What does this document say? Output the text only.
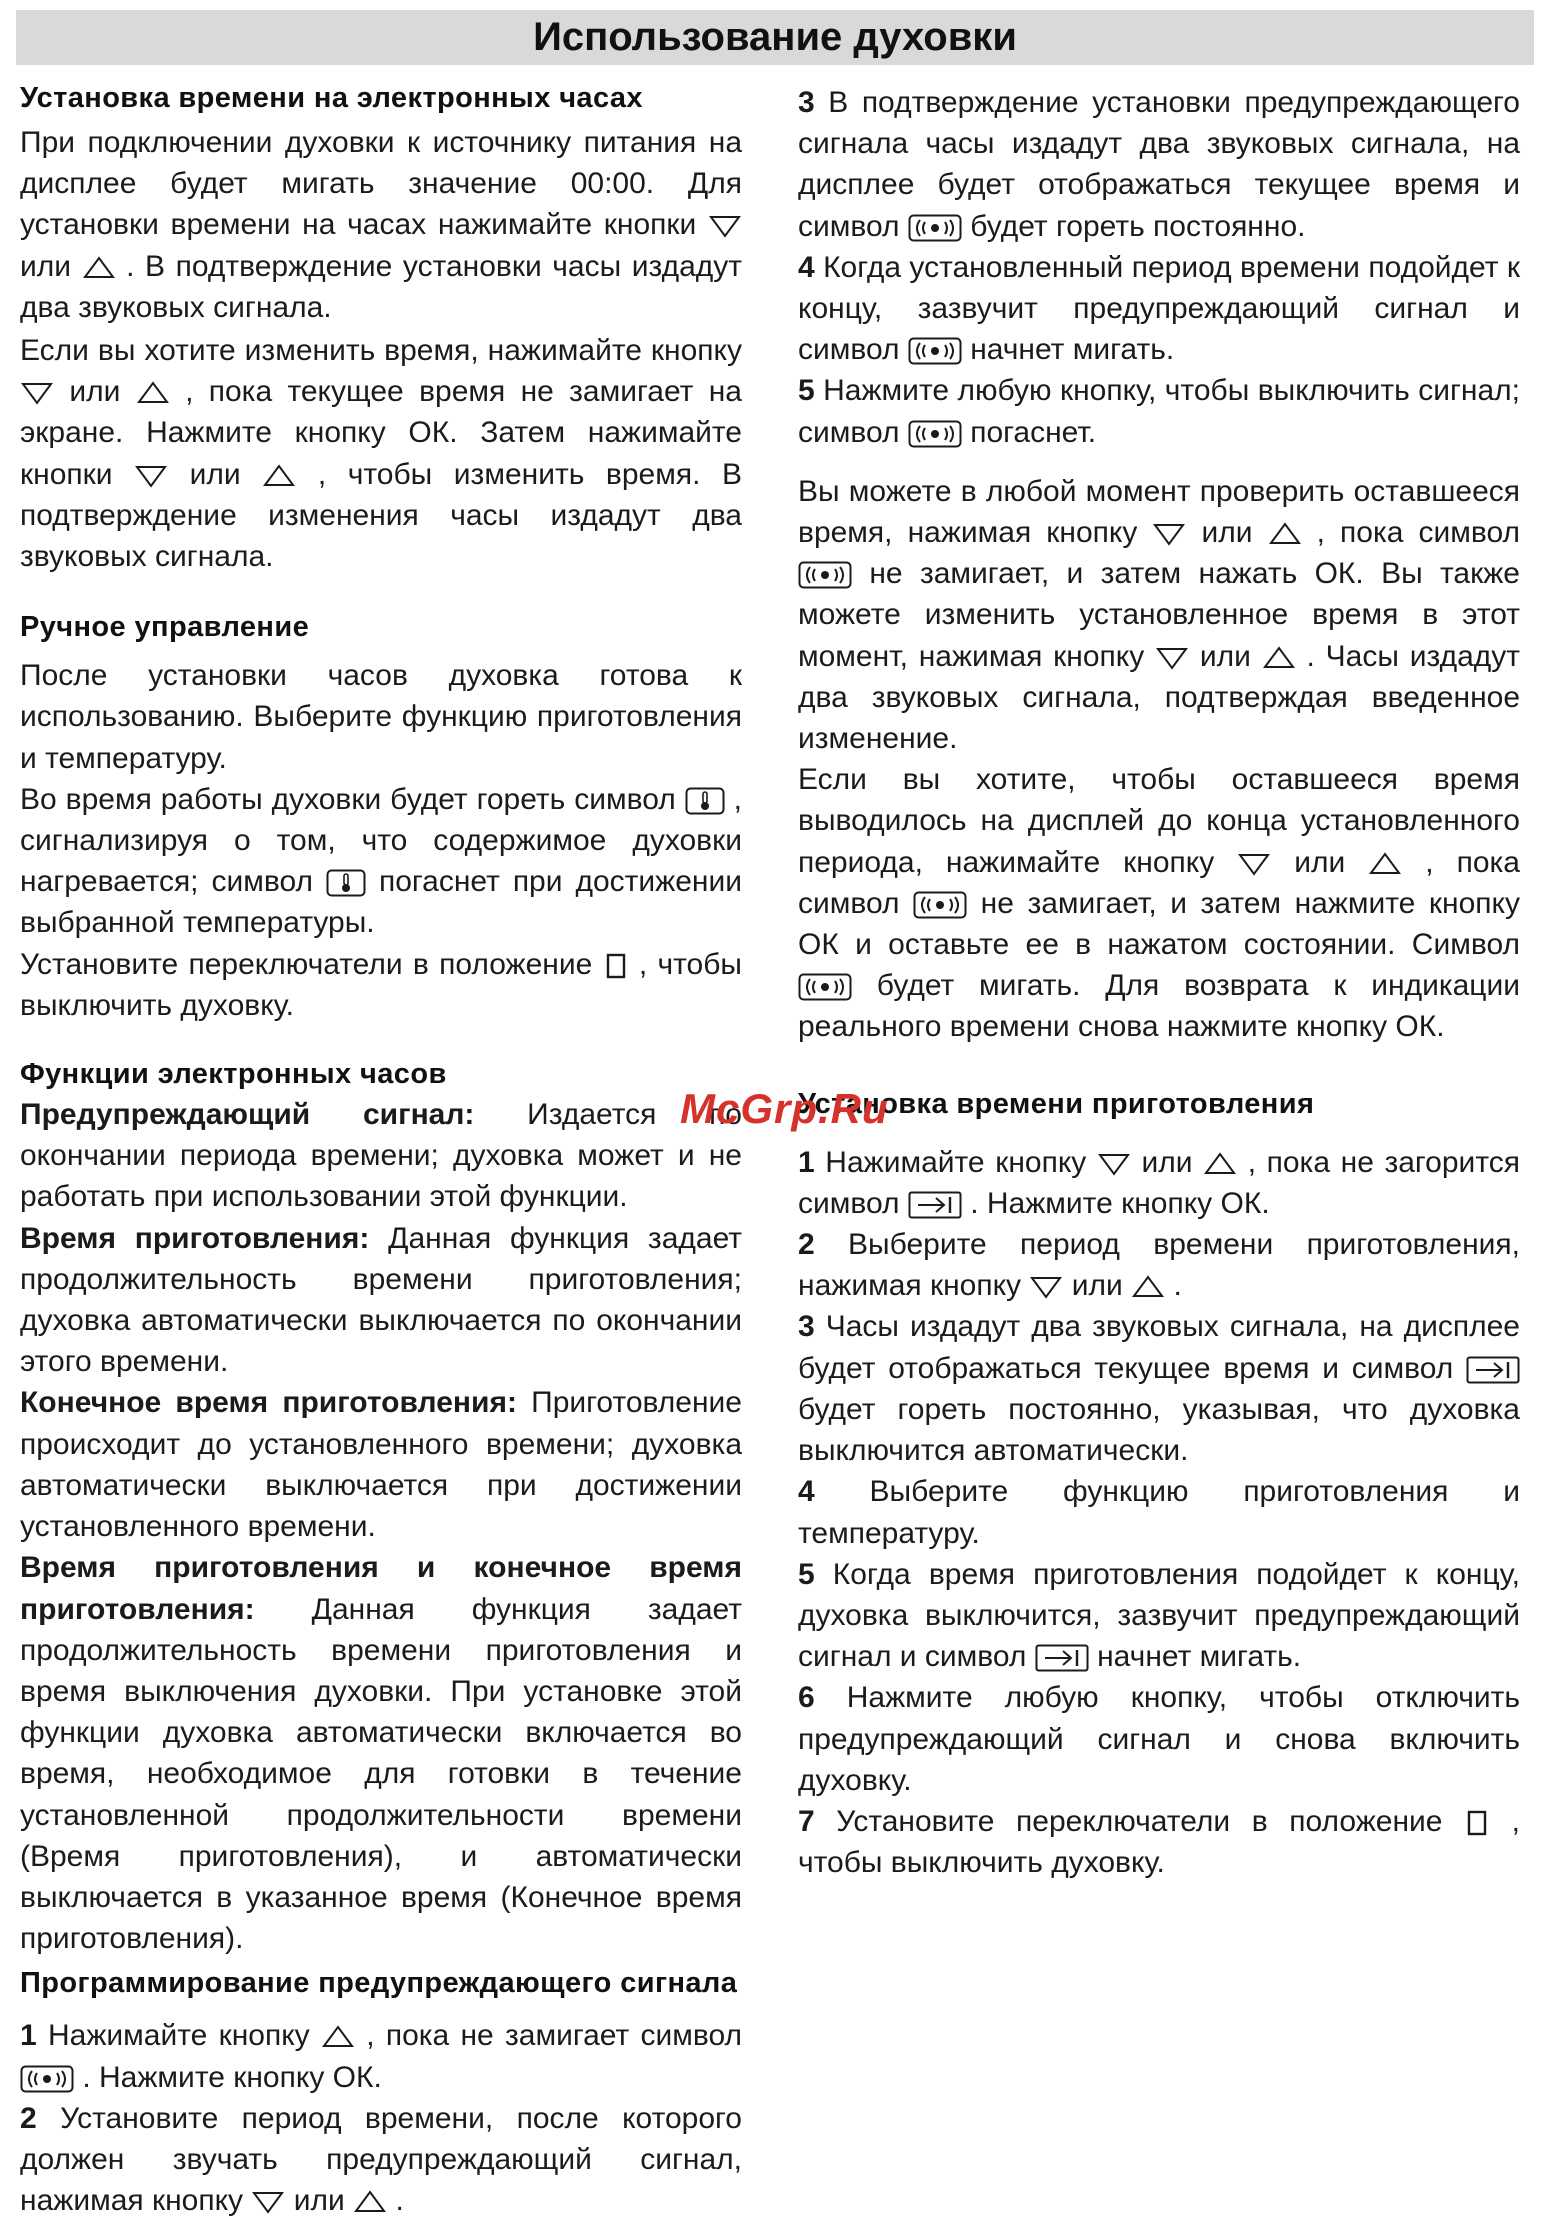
Использование духовки
Установка времени на электронных часах

При подключении духовки к источнику питания на дисплее будет мигать значение 00:00. Для установки времени на часах нажимайте кнопки
или . В подтверждение установки часы издадут два звуковых сигнала.

Если вы хотите изменить время, нажимайте кнопку
или , пока текущее время не замигает на экране. Нажмите кнопку ОК. Затем нажимайте кнопки	или	, чтобы изменить время. В подтверждение изменения часы издадут два звуковых сигнала.

Ручное управление

После установки часов духовка готова к использованию. Выберите функцию приготовления и температуру.

Во время работы духовки будет гореть символ , сигнализируя о том, что содержимое духовки нагревается; символ погаснет при достижении выбранной температуры.

Установите переключатели в положение , чтобы выключить духовку.

Функции электронных часов

Предупреждающий сигнал: Издается по окончании периода времени; духовка может и не работать при использовании этой функции.

Время приготовления: Данная функция задает продолжительность времени приготовления; духовка автоматически выключается по окончании этого времени.

Конечное время приготовления: Приготовление происходит до установленного времени; духовка автоматически выключается при достижении установленного времени.

Время приготовления и конечное время приготовления: Данная функция задает продолжительность времени приготовления и время выключения духовки. При установке этой функции духовка автоматически включается во время, необходимое для готовки в течение установленной продолжительности времени (Время приготовления), и автоматически выключается в указанное время (Конечное время приготовления).

Программирование предупреждающего сигнала

1 Нажимайте кнопку , пока не замигает символ
. Нажмите кнопку ОК.

2 Установите период времени, после которого должен звучать предупреждающий сигнал, нажимая кнопку или .

3 В подтверждение установки предупреждающего сигнала часы издадут два звуковых сигнала, на дисплее будет отображаться текущее время и символ будет гореть постоянно.

4 Когда установленный период времени подойдет к концу, зазвучит предупреждающий сигнал и символ начнет мигать.

5 Нажмите любую кнопку, чтобы выключить сигнал; символ погаснет.

Вы можете в любой момент проверить оставшееся время, нажимая кнопку или , пока символ
не замигает, и затем нажать ОК. Вы также можете изменить установленное время в этот момент, нажимая кнопку или . Часы издадут два звуковых сигнала, подтверждая введенное изменение.

Если вы хотите, чтобы оставшееся время выводилось на дисплей до конца установленного периода, нажимайте кнопку	или	, пока символ	не замигает, и затем нажмите кнопку ОК и оставьте ее в нажатом состоянии. Символ
будет мигать. Для возврата к индикации реального времени снова нажмите кнопку ОК.

Установка времени приготовления

1 Нажимайте кнопку или , пока не загорится символ . Нажмите кнопку ОК.

2 Выберите период времени приготовления, нажимая кнопку или .

3 Часы издадут два звуковых сигнала, на дисплее будет отображаться текущее время и символ
будет гореть постоянно, указывая, что духовка выключится автоматически.

4 Выберите функцию приготовления и температуру.

5 Когда время приготовления подойдет к концу, духовка выключится, зазвучит предупреждающий сигнал и символ начнет мигать.

6 Нажмите любую кнопку, чтобы отключить предупреждающий сигнал и снова включить духовку.

7 Установите переключатели в положение , чтобы выключить духовку.

McGrp.Ru
